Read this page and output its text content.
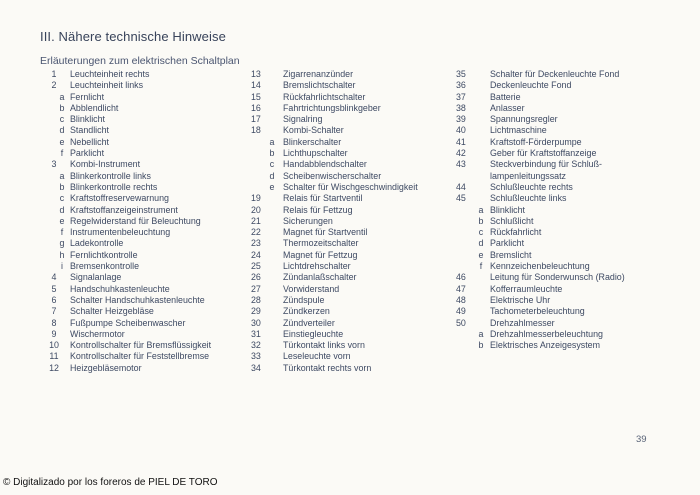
III. Nähere technische Hinweise
Erläuterungen zum elektrischen Schaltplan
1	Leuchteinheit rechts
2	Leuchteinheit links
a Fernlicht
b Abblendlicht
c Blinklicht
d Standlicht
e Nebellicht
f Parklicht
3	Kombi-Instrument
a Blinkerkontrolle links
b Blinkerkontrolle rechts
c Kraftstoffreservewarnung
d Kraftstoffanzeigeinstrument
e Regelwiderstand für Beleuchtung
f Instrumentenbeleuchtung
g Ladekontrolle
h Fernlichtkontrolle
i Bremsenkontrolle
4	Signalanlage
5	Handschuhkastenleuchte
6	Schalter Handschuhkastenleuchte
7	Schalter Heizgebläse
8	Fußpumpe Scheibenwascher
9	Wischermotor
10	Kontrollschalter für Bremsflüssigkeit
11	Kontrollschalter für Feststellbremse
12	Heizgebläsemotor
13	Zigarrenanzünder
14	Bremslichtschalter
15	Rückfahrlichtschalter
16	Fahrtrichtungsblinkgeber
17	Signalring
18	Kombi-Schalter
a Blinkerschalter
b Lichthupschalter
c Handabblendschalter
d Scheibenwischerschalter
e Schalter für Wischgeschwindigkeit
19	Relais für Startventil
20	Relais für Fettzug
21	Sicherungen
22	Magnet für Startventil
23	Thermozeitschalter
24	Magnet für Fettzug
25	Lichtdrehschalter
26	Zündanlaßschalter
27	Vorwiderstand
28	Zündspule
29	Zündkerzen
30	Zündverteiler
31	Einstiegleuchte
32	Türkontakt links vorn
33	Leseleuchte vorn
34	Türkontakt rechts vorn
35	Schalter für Deckenleuchte Fond
36	Deckenleuchte Fond
37	Batterie
38	Anlasser
39	Spannungsregler
40	Lichtmaschine
41	Kraftstoff-Förderpumpe
42	Geber für Kraftstoffanzeige
43	Steckverbindung für Schluß-
lampenleitungssatz
44	Schlußleuchte rechts
45	Schlußleuchte links
a Blinklicht
b Schlußlicht
c Rückfahrlicht
d Parklicht
e Bremslicht
f Kennzeichenbeleuchtung
46	Leitung für Sonderwunsch (Radio)
47	Kofferraumleuchte
48	Elektrische Uhr
49	Tachometerbeleuchtung
50	Drehzahlmesser
a Drehzahlmesserbeleuchtung
b Elektrisches Anzeigesystem
39
© Digitalizado por los foreros de PIEL DE TORO
